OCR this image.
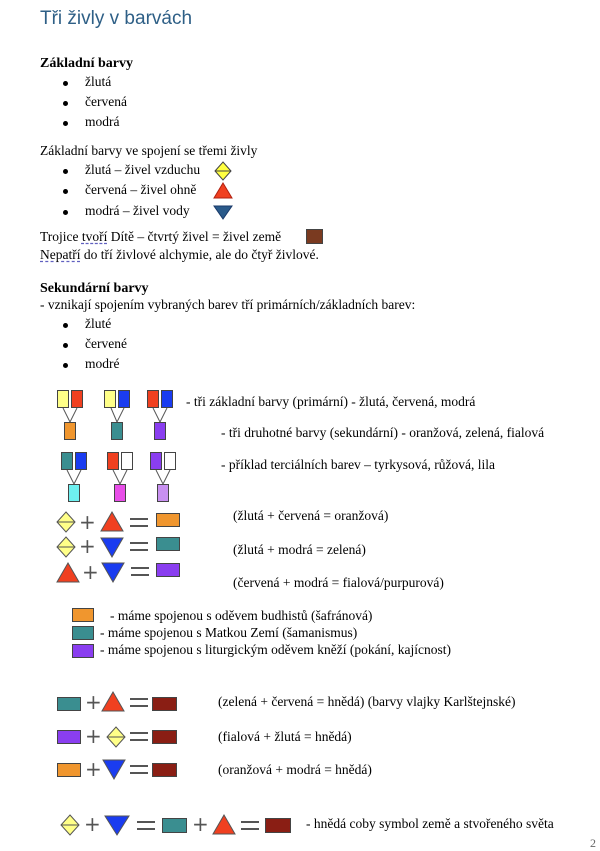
Tři živly v barvách
Základní barvy
žlutá
červená
modrá
Základní barvy ve spojení se třemi živly
žlutá – živel vzduchu
červená – živel ohně
modrá – živel vody
Trojice tvoří Dítě – čtvrtý živel = živel země
Nepatří do tří živlové alchymie, ale do čtyř živlové.
Sekundární barvy
- vznikají spojením vybraných barev tří primárních/základních barev:
žluté
červené
modré
- tři základní barvy (primární) - žlutá, červená, modrá
- tři druhotné barvy (sekundární) - oranžová, zelená, fialová
- příklad terciálních barev – tyrkysová, růžová, lila
+	(žlutá + červená = oranžová)
+	(žlutá + modrá = zelená)
+	(červená + modrá = fialová/purpurová)
- máme spojenou s oděvem budhistů (šafránová)
- máme spojenou s Matkou Zemí (šamanismus)
- máme spojenou s liturgickým oděvem kněží (pokání, kajícnost)
+	(zelená + červená = hnědá) (barvy vlajky Karlštejnské)
+	(fialová + žlutá = hnědá)
+	(oranžová + modrá = hnědá)
+	+	- hnědá coby symbol země a stvořeného světa
2
